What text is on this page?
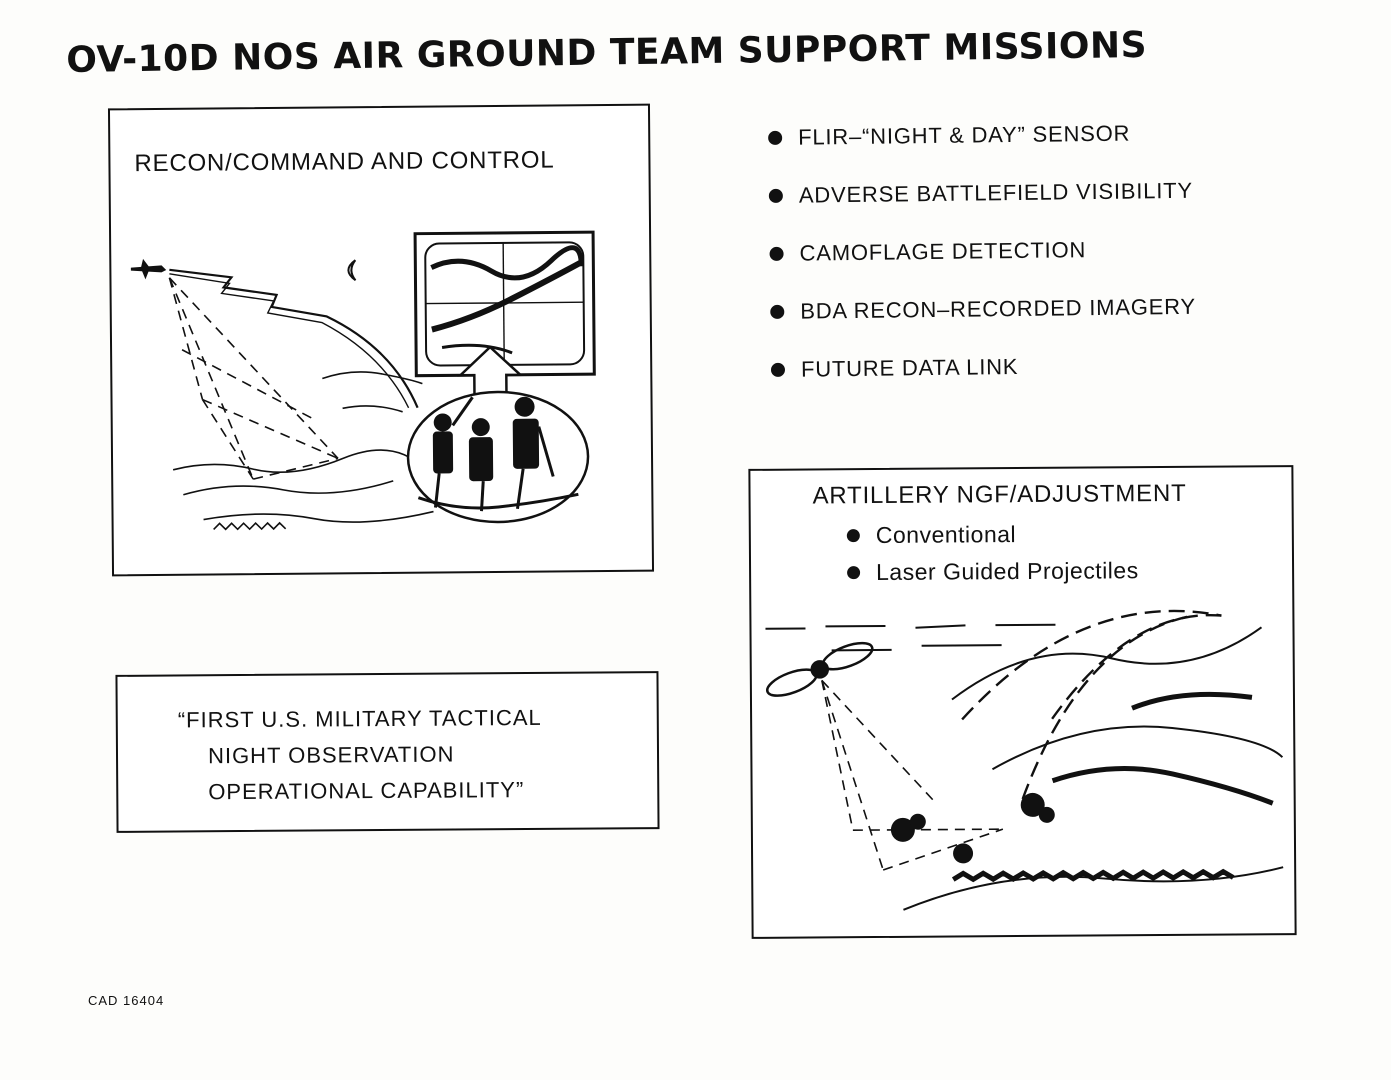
OV-10D NOS AIR GROUND TEAM SUPPORT MISSIONS
RECON/COMMAND AND CONTROL
FLIR–“NIGHT & DAY” SENSOR
ADVERSE BATTLEFIELD VISIBILITY
CAMOFLAGE DETECTION
BDA RECON–RECORDED IMAGERY
FUTURE DATA LINK
“FIRST U.S. MILITARY TACTICAL
NIGHT OBSERVATION
OPERATIONAL CAPABILITY”
ARTILLERY NGF/ADJUSTMENT
Conventional
Laser Guided Projectiles
CAD 16404
